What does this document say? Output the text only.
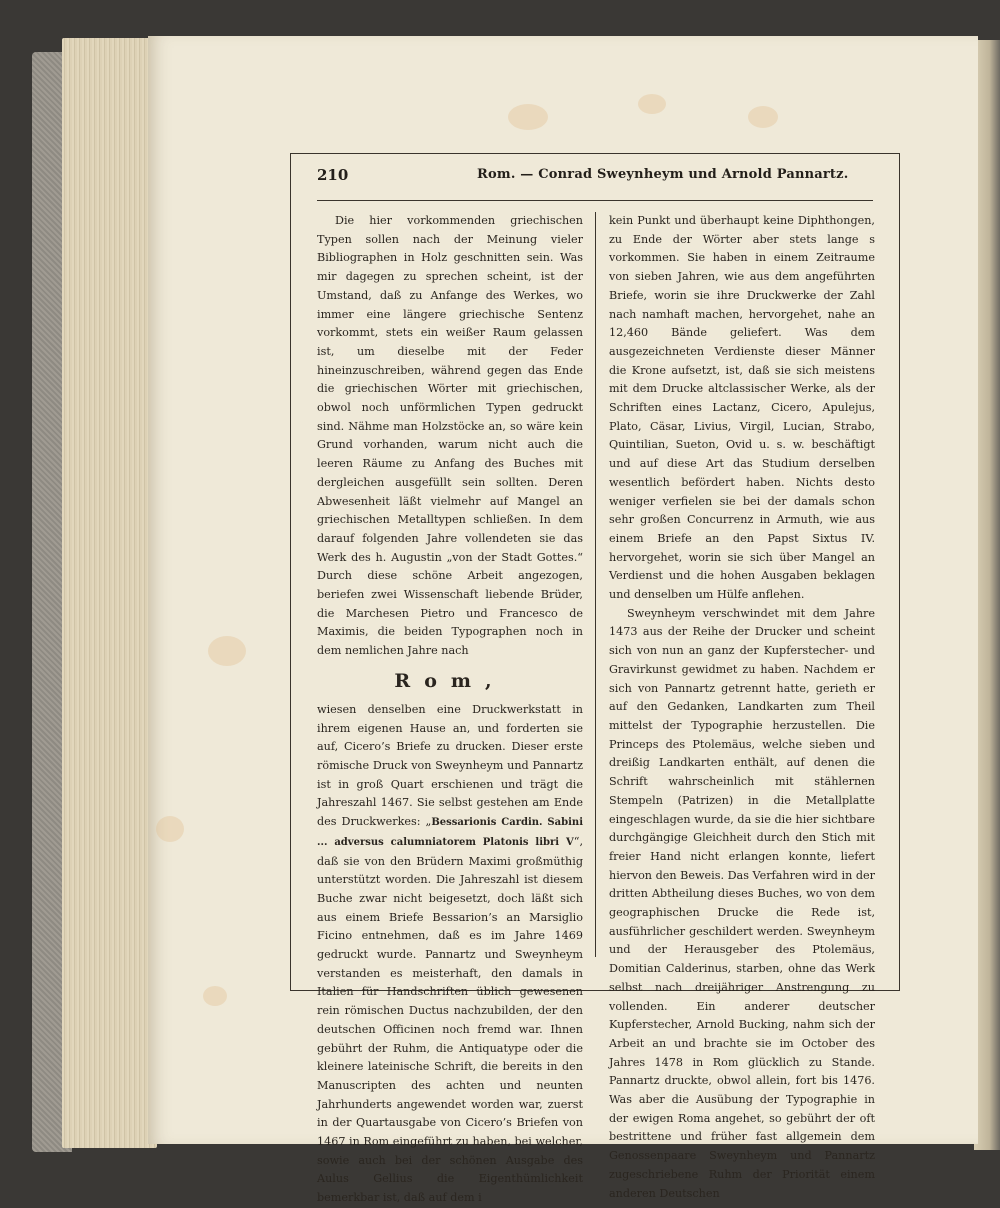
210	Rom. — Conrad Sweynheym und Arnold Pannartz.

Die hier vorkommenden griechischen Typen sollen nach der Meinung vieler Bibliographen in Holz geschnitten sein. Was mir dagegen zu sprechen scheint, ist der Umstand, daß zu Anfange des Werkes, wo immer eine längere griechische Sentenz vorkommt, stets ein weißer Raum gelassen ist, um dieselbe mit der Feder hineinzuschreiben, während gegen das Ende die griechischen Wörter mit griechischen, obwol noch unförmlichen Typen gedruckt sind. Nähme man Holzstöcke an, so wäre kein Grund vorhanden, warum nicht auch die leeren Räume zu Anfang des Buches mit dergleichen ausgefüllt sein sollten. Deren Abwesenheit läßt vielmehr auf Mangel an griechischen Metalltypen schließen. In dem darauf folgenden Jahre vollendeten sie das Werk des h. Augustin „von der Stadt Gottes.“ Durch diese schöne Arbeit angezogen, beriefen zwei Wissenschaft liebende Brüder, die Marchesen Pietro und Francesco de Maximis, die beiden Typographen noch in dem nemlichen Jahre nach

Rom,

wiesen denselben eine Druckwerkstatt in ihrem eigenen Hause an, und forderten sie auf, Cicero’s Briefe zu drucken. Dieser erste römische Druck von Sweynheym und Pannartz ist in groß Quart erschienen und trägt die Jahreszahl 1467. Sie selbst gestehen am Ende des Druckwerkes: „Bessarionis Cardin. Sabini ... adversus calumniatorem Platonis libri V“, daß sie von den Brüdern Maximi großmüthig unterstützt worden. Die Jahreszahl ist diesem Buche zwar nicht beigesetzt, doch läßt sich aus einem Briefe Bessarion’s an Marsiglio Ficino entnehmen, daß es im Jahre 1469 gedruckt wurde. Pannartz und Sweynheym verstanden es meisterhaft, den damals in Italien für Handschriften üblich gewesenen rein römischen Ductus nachzubilden, der den deutschen Officinen noch fremd war. Ihnen gebührt der Ruhm, die Antiquatype oder die kleinere lateinische Schrift, die bereits in den Manuscripten des achten und neunten Jahrhunderts angewendet worden war, zuerst in der Quartausgabe von Cicero’s Briefen von 1467 in Rom eingeführt zu haben, bei welcher, sowie auch bei der schönen Ausgabe des Aulus Gellius die Eigenthümlichkeit bemerkbar ist, daß auf dem i

kein Punkt und überhaupt keine Diphthongen, zu Ende der Wörter aber stets lange s vorkommen. Sie haben in einem Zeitraume von sieben Jahren, wie aus dem angeführten Briefe, worin sie ihre Druckwerke der Zahl nach namhaft machen, hervorgehet, nahe an 12,460 Bände geliefert. Was dem ausgezeichneten Verdienste dieser Männer die Krone aufsetzt, ist, daß sie sich meistens mit dem Drucke altclassischer Werke, als der Schriften eines Lactanz, Cicero, Apulejus, Plato, Cäsar, Livius, Virgil, Lucian, Strabo, Quintilian, Sueton, Ovid u. s. w. beschäftigt und auf diese Art das Studium derselben wesentlich befördert haben. Nichts desto weniger verfielen sie bei der damals schon sehr großen Concurrenz in Armuth, wie aus einem Briefe an den Papst Sixtus IV. hervorgehet, worin sie sich über Mangel an Verdienst und die hohen Ausgaben beklagen und denselben um Hülfe anflehen.

Sweynheym verschwindet mit dem Jahre 1473 aus der Reihe der Drucker und scheint sich von nun an ganz der Kupferstecher- und Gravirkunst gewidmet zu haben. Nachdem er sich von Pannartz getrennt hatte, gerieth er auf den Gedanken, Landkarten zum Theil mittelst der Typographie herzustellen. Die Princeps des Ptolemäus, welche sieben und dreißig Landkarten enthält, auf denen die Schrift wahrscheinlich mit stählernen Stempeln (Patrizen) in die Metallplatte eingeschlagen wurde, da sie die hier sichtbare durchgängige Gleichheit durch den Stich mit freier Hand nicht erlangen konnte, liefert hiervon den Beweis. Das Verfahren wird in der dritten Abtheilung dieses Buches, wo von dem geographischen Drucke die Rede ist, ausführlicher geschildert werden. Sweynheym und der Herausgeber des Ptolemäus, Domitian Calderinus, starben, ohne das Werk selbst nach dreijähriger Anstrengung zu vollenden. Ein anderer deutscher Kupferstecher, Arnold Bucking, nahm sich der Arbeit an und brachte sie im October des Jahres 1478 in Rom glücklich zu Stande. Pannartz druckte, obwol allein, fort bis 1476. Was aber die Ausübung der Typographie in der ewigen Roma angehet, so gebührt der oft bestrittene und früher fast allgemein dem Genossenpaare Sweynheym und Pannartz zugeschriebene Ruhm der Priorität einem anderen Deutschen
